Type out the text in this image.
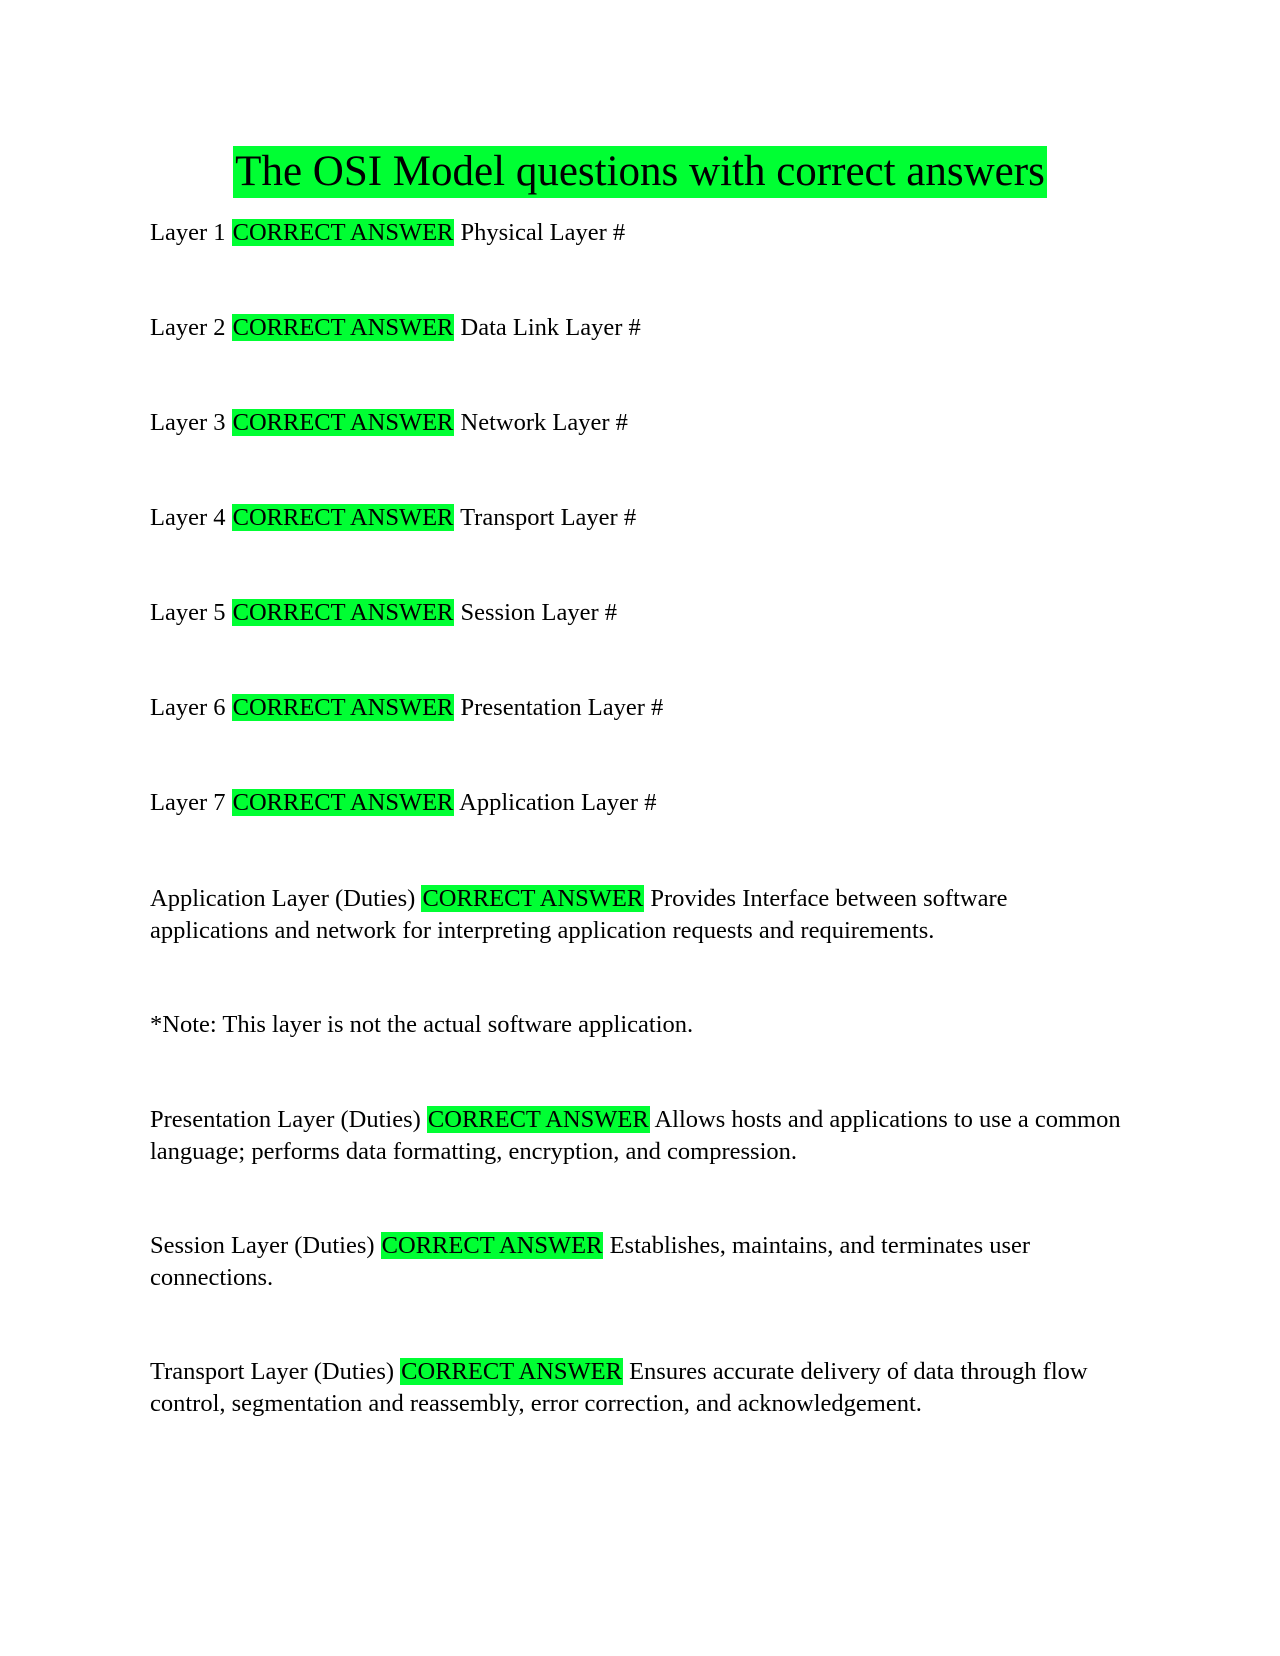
The OSI Model questions with correct answers
Layer 1 CORRECT ANSWER Physical Layer #
Layer 2 CORRECT ANSWER Data Link Layer #
Layer 3 CORRECT ANSWER Network Layer #
Layer 4 CORRECT ANSWER Transport Layer #
Layer 5 CORRECT ANSWER Session Layer #
Layer 6 CORRECT ANSWER Presentation Layer #
Layer 7 CORRECT ANSWER Application Layer #
Application Layer (Duties) CORRECT ANSWER Provides Interface between software applications and network for interpreting application requests and requirements.
*Note: This layer is not the actual software application.
Presentation Layer (Duties) CORRECT ANSWER Allows hosts and applications to use a common language; performs data formatting, encryption, and compression.
Session Layer (Duties) CORRECT ANSWER Establishes, maintains, and terminates user connections.
Transport Layer (Duties) CORRECT ANSWER Ensures accurate delivery of data through flow control, segmentation and reassembly, error correction, and acknowledgement.
